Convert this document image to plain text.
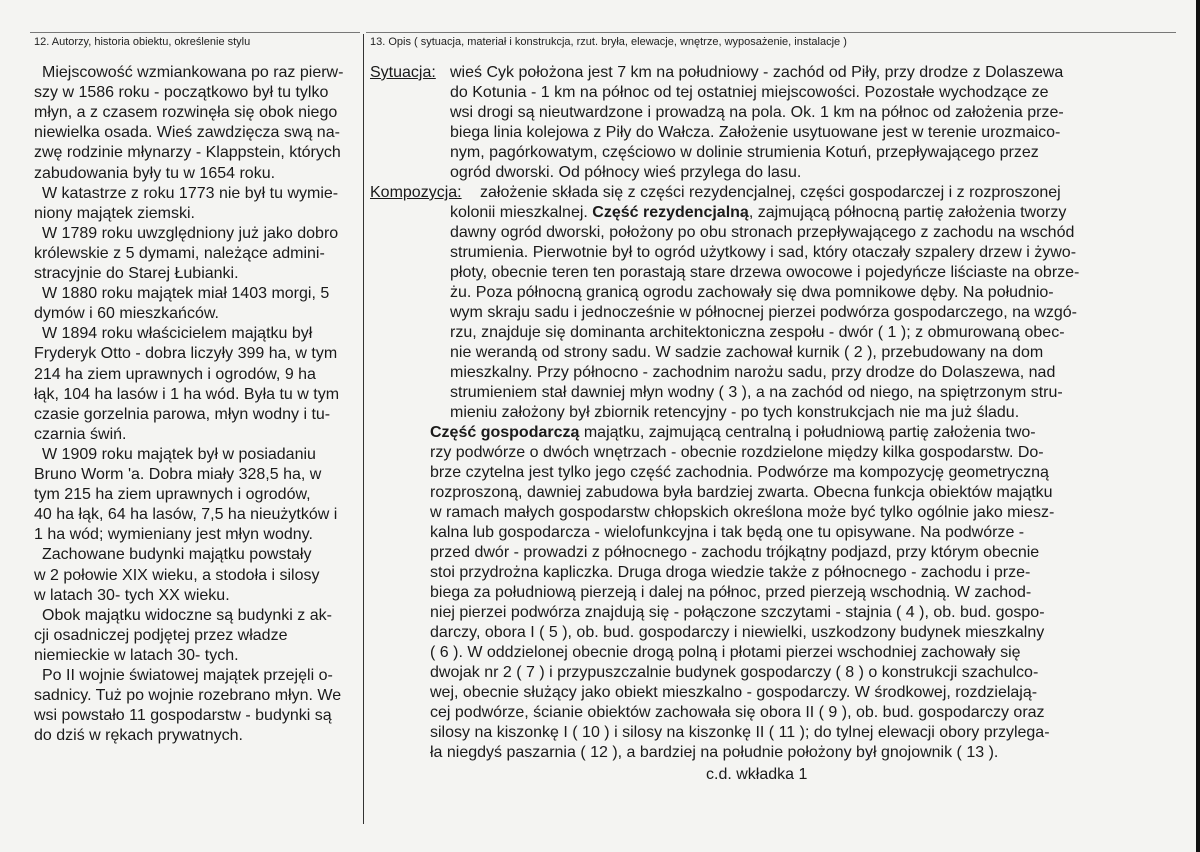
12. Autorzy, historia obiektu, określenie stylu	13. Opis ( sytuacja, materiał i konstrukcja, rzut. bryła, elewacje, wnętrze, wyposażenie, instalacje )
Miejscowość wzmiankowana po raz pierw-
szy w 1586 roku - początkowo był tu tylko
młyn, a z czasem rozwinęła się obok niego
niewielka osada. Wieś zawdzięcza swą na-
zwę rodzinie młynarzy - Klappstein, których
zabudowania były tu w 1654 roku.
W katastrze z roku 1773 nie był tu wymie-
niony majątek ziemski.
W 1789 roku uwzględniony już jako dobro
królewskie z 5 dymami, należące admini-
stracyjnie do Starej Łubianki.
W 1880 roku majątek miał 1403 morgi, 5
dymów i 60 mieszkańców.
W 1894 roku właścicielem majątku był
Fryderyk Otto - dobra liczyły 399 ha, w tym
214 ha ziem uprawnych i ogrodów, 9 ha
łąk, 104 ha lasów i 1 ha wód. Była tu w tym
czasie gorzelnia parowa, młyn wodny i tu-
czarnia świń.
W 1909 roku majątek był w posiadaniu
Bruno Worm 'a. Dobra miały 328,5 ha, w
tym 215 ha ziem uprawnych i ogrodów,
40 ha łąk, 64 ha lasów, 7,5 ha nieużytków i
1 ha wód; wymieniany jest młyn wodny.
Zachowane budynki majątku powstały
w 2 połowie XIX wieku, a stodoła i silosy
w latach 30- tych XX wieku.
Obok majątku widoczne są budynki z ak-
cji osadniczej podjętej przez władze
niemieckie w latach 30- tych.
Po II wojnie światowej majątek przejęli o-
sadnicy. Tuż po wojnie rozebrano młyn. We
wsi powstało 11 gospodarstw - budynki są
do dziś w rękach prywatnych.
Sytuacja: wieś Cyk położona jest 7 km na południowy - zachód od Piły, przy drodze z Dolaszewa
do Kotunia - 1 km na północ od tej ostatniej miejscowości. Pozostałe wychodzące ze
wsi drogi są nieutwardzone i prowadzą na pola. Ok. 1 km na północ od założenia prze-
biega linia kolejowa z Piły do Wałcza. Założenie usytuowane jest w terenie urozmaico-
nym, pagórkowatym, częściowo w dolinie strumienia Kotuń, przepływającego przez
ogród dworski. Od północy wieś przylega do lasu.
Kompozycja: założenie składa się z części rezydencjalnej, części gospodarczej i z rozproszonej
kolonii mieszkalnej. Część rezydencjalną, zajmującą północną partię założenia tworzy
dawny ogród dworski, położony po obu stronach przepływającego z zachodu na wschód
strumienia. Pierwotnie był to ogród użytkowy i sad, który otaczały szpalery drzew i żywo-
płoty, obecnie teren ten porastają stare drzewa owocowe i pojedyńcze liściaste na obrze-
żu. Poza północną granicą ogrodu zachowały się dwa pomnikowe dęby. Na południo-
wym skraju sadu i jednocześnie w północnej pierzei podwórza gospodarczego, na wzgó-
rzu, znajduje się dominanta architektoniczna zespołu - dwór ( 1 ); z obmurowaną obec-
nie werandą od strony sadu. W sadzie zachował kurnik ( 2 ), przebudowany na dom
mieszkalny. Przy północno - zachodnim narożu sadu, przy drodze do Dolaszewa, nad
strumieniem stał dawniej młyn wodny ( 3 ), a na zachód od niego, na spiętrzonym stru-
mieniu założony był zbiornik retencyjny - po tych konstrukcjach nie ma już śladu.
Część gospodarczą majątku, zajmującą centralną i południową partię założenia two-
rzy podwórze o dwóch wnętrzach - obecnie rozdzielone między kilka gospodarstw. Do-
brze czytelna jest tylko jego część zachodnia. Podwórze ma kompozycję geometryczną
rozproszoną, dawniej zabudowa była bardziej zwarta. Obecna funkcja obiektów majątku
w ramach małych gospodarstw chłopskich określona może być tylko ogólnie jako miesz-
kalna lub gospodarcza - wielofunkcyjna i tak będą one tu opisywane. Na podwórze -
przed dwór - prowadzi z północnego - zachodu trójkątny podjazd, przy którym obecnie
stoi przydrożna kapliczka. Druga droga wiedzie także z północnego - zachodu i prze-
biega za południową pierzeją i dalej na północ, przed pierzeją wschodnią. W zachod-
niej pierzei podwórza znajdują się - połączone szczytami - stajnia ( 4 ), ob. bud. gospo-
darczy, obora I ( 5 ), ob. bud. gospodarczy i niewielki, uszkodzony budynek mieszkalny
( 6 ). W oddzielonej obecnie drogą polną i płotami pierzei wschodniej zachowały się
dwojak nr 2 ( 7 ) i przypuszczalnie budynek gospodarczy ( 8 ) o konstrukcji szachulco-
wej, obecnie służący jako obiekt mieszkalno - gospodarczy. W środkowej, rozdzielają-
cej podwórze, ścianie obiektów zachowała się obora II ( 9 ), ob. bud. gospodarczy oraz
silosy na kiszonkę I ( 10 ) i silosy na kiszonkę II ( 11 ); do tylnej elewacji obory przylega-
ła niegdyś paszarnia ( 12 ), a bardziej na południe położony był gnojownik ( 13 ).
c.d. wkładka 1
